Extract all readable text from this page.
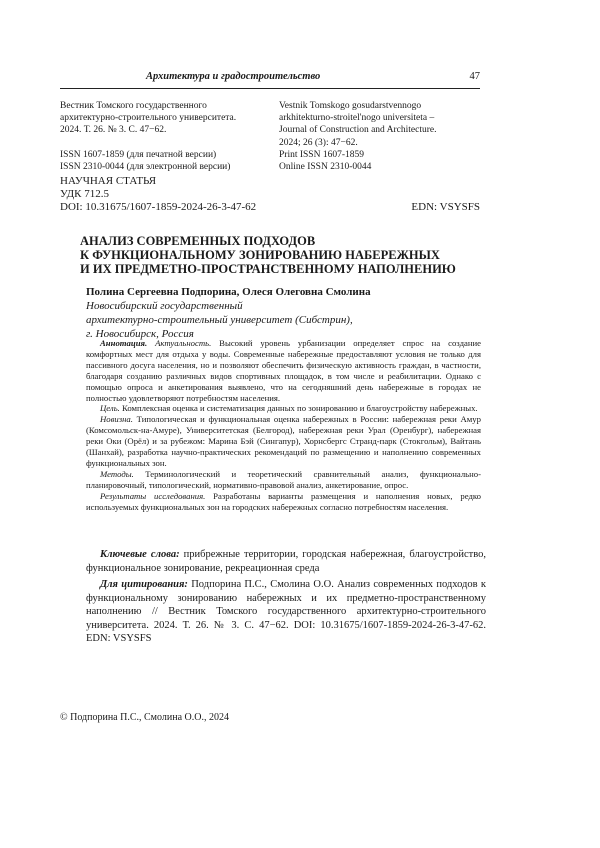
Архитектура и градостроительство	47

Вестник Томского государственного

архитектурно-строительного университета.

2024. Т. 26. № 3. С. 47−62.

ISSN 1607-1859 (для печатной версии)

ISSN 2310-0044 (для электронной версии)

Vestnik Tomskogo gosudarstvennogo

arkhitekturno-stroitel'nogo universiteta –

Journal of Construction and Architecture.

2024; 26 (3): 47−62.

Print ISSN 1607-1859

Online ISSN 2310-0044

НАУЧНАЯ СТАТЬЯ

УДК 712.5

DOI: 10.31675/1607-1859-2024-26-3-47-62	EDN: VSYSFS
АНАЛИЗ СОВРЕМЕННЫХ ПОДХОДОВ
К ФУНКЦИОНАЛЬНОМУ ЗОНИРОВАНИЮ НАБЕРЕЖНЫХ
И ИХ ПРЕДМЕТНО-ПРОСТРАНСТВЕННОМУ НАПОЛНЕНИЮ

Полина Сергеевна Подпорина, Олеся Олеговна Смолина

Новосибирский государственный

архитектурно-строительный университет (Сибстрин),

г. Новосибирск, Россия

Аннотация. Актуальность. Высокий уровень урбанизации определяет спрос на создание комфортных мест для отдыха у воды. Современные набережные предоставляют условия не только для пассивного досуга населения, но и позволяют обеспечить физическую активность граждан, в частности, благодаря созданию различных видов спортивных площадок, в том числе и реабилитации. Однако с помощью опроса и анкетирования выявлено, что на сегодняшний день набережные в городах не полностью удовлетворяют потребностям населения.

Цель. Комплексная оценка и систематизация данных по зонированию и благоустройству набережных.

Новизна. Типологическая и функциональная оценка набережных в России: набережная реки Амур (Комсомольск-на-Амуре), Университетская (Белгород), набережная реки Урал (Оренбург), набережная реки Оки (Орёл) и за рубежом: Марина Бэй (Сингапур), Хорнсбергс Странд-парк (Стокгольм), Вайтань (Шанхай), разработка научно-практических рекомендаций по размещению и наполнению современных функциональных зон.

Методы. Терминологический и теоретический сравнительный анализ, функционально-планировочный, типологический, нормативно-правовой анализ, анкетирование, опрос.

Результаты исследования. Разработаны варианты размещения и наполнения новых, редко используемых функциональных зон на городских набережных согласно потребностям населения.

Ключевые слова: прибрежные территории, городская набережная, благоустройство, функциональное зонирование, рекреационная среда

Для цитирования: Подпорина П.С., Смолина О.О. Анализ современных подходов к функциональному зонированию набережных и их предметно-пространственному наполнению // Вестник Томского государственного архитектурно-строительного университета. 2024. Т. 26. № 3. С. 47−62. DOI: 10.31675/1607-1859-2024-26-3-47-62. EDN: VSYSFS

© Подпорина П.С., Смолина О.О., 2024
